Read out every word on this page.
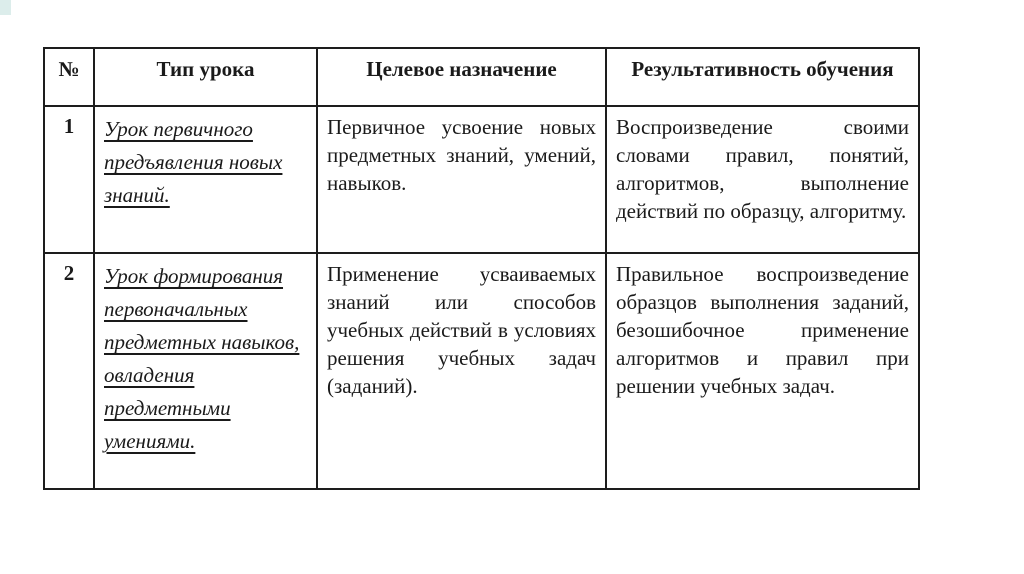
№	Тип урока	Целевое назначение	Результативность обучения
1	Урок первичного предъявления новых знаний.	Первичное усвоение новых предметных знаний, умений, навыков.	Воспроизведение своими словами правил, понятий, алгоритмов, выполнение действий по образцу, алгоритму.
2	Урок формирования первоначальных предметных навыков, овладения предметными умениями.	Применение усваиваемых знаний или способов учебных действий в условиях решения учебных задач (заданий).	Правильное воспроизведение образцов выполнения заданий, безошибочное применение алгоритмов и правил при решении учебных задач.
